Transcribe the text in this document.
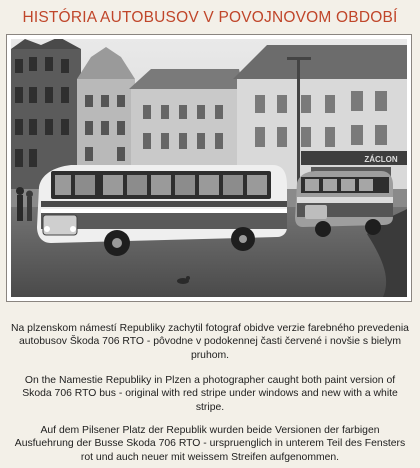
HISTÓRIA AUTOBUSOV V POVOJNOVOM OBDOBÍ
ZÁCLON
Na plzenskom námestí Republiky zachytil fotograf obidve verzie farebného prevedenia autobusov Škoda 706 RTO - pôvodne v podokennej časti červené i novšie s bielym pruhom.
On the Namestie Republiky in Plzen a photographer caught both paint version of Skoda 706 RTO bus - original with red stripe under windows and new with a white stripe.
Auf dem Pilsener Platz der Republik wurden beide Versionen der farbigen Ausfuehrung der Busse Skoda 706 RTO - urspruenglich in unterem Teil des Fensters rot und auch neuer mit weissem Streifen aufgenommen.
